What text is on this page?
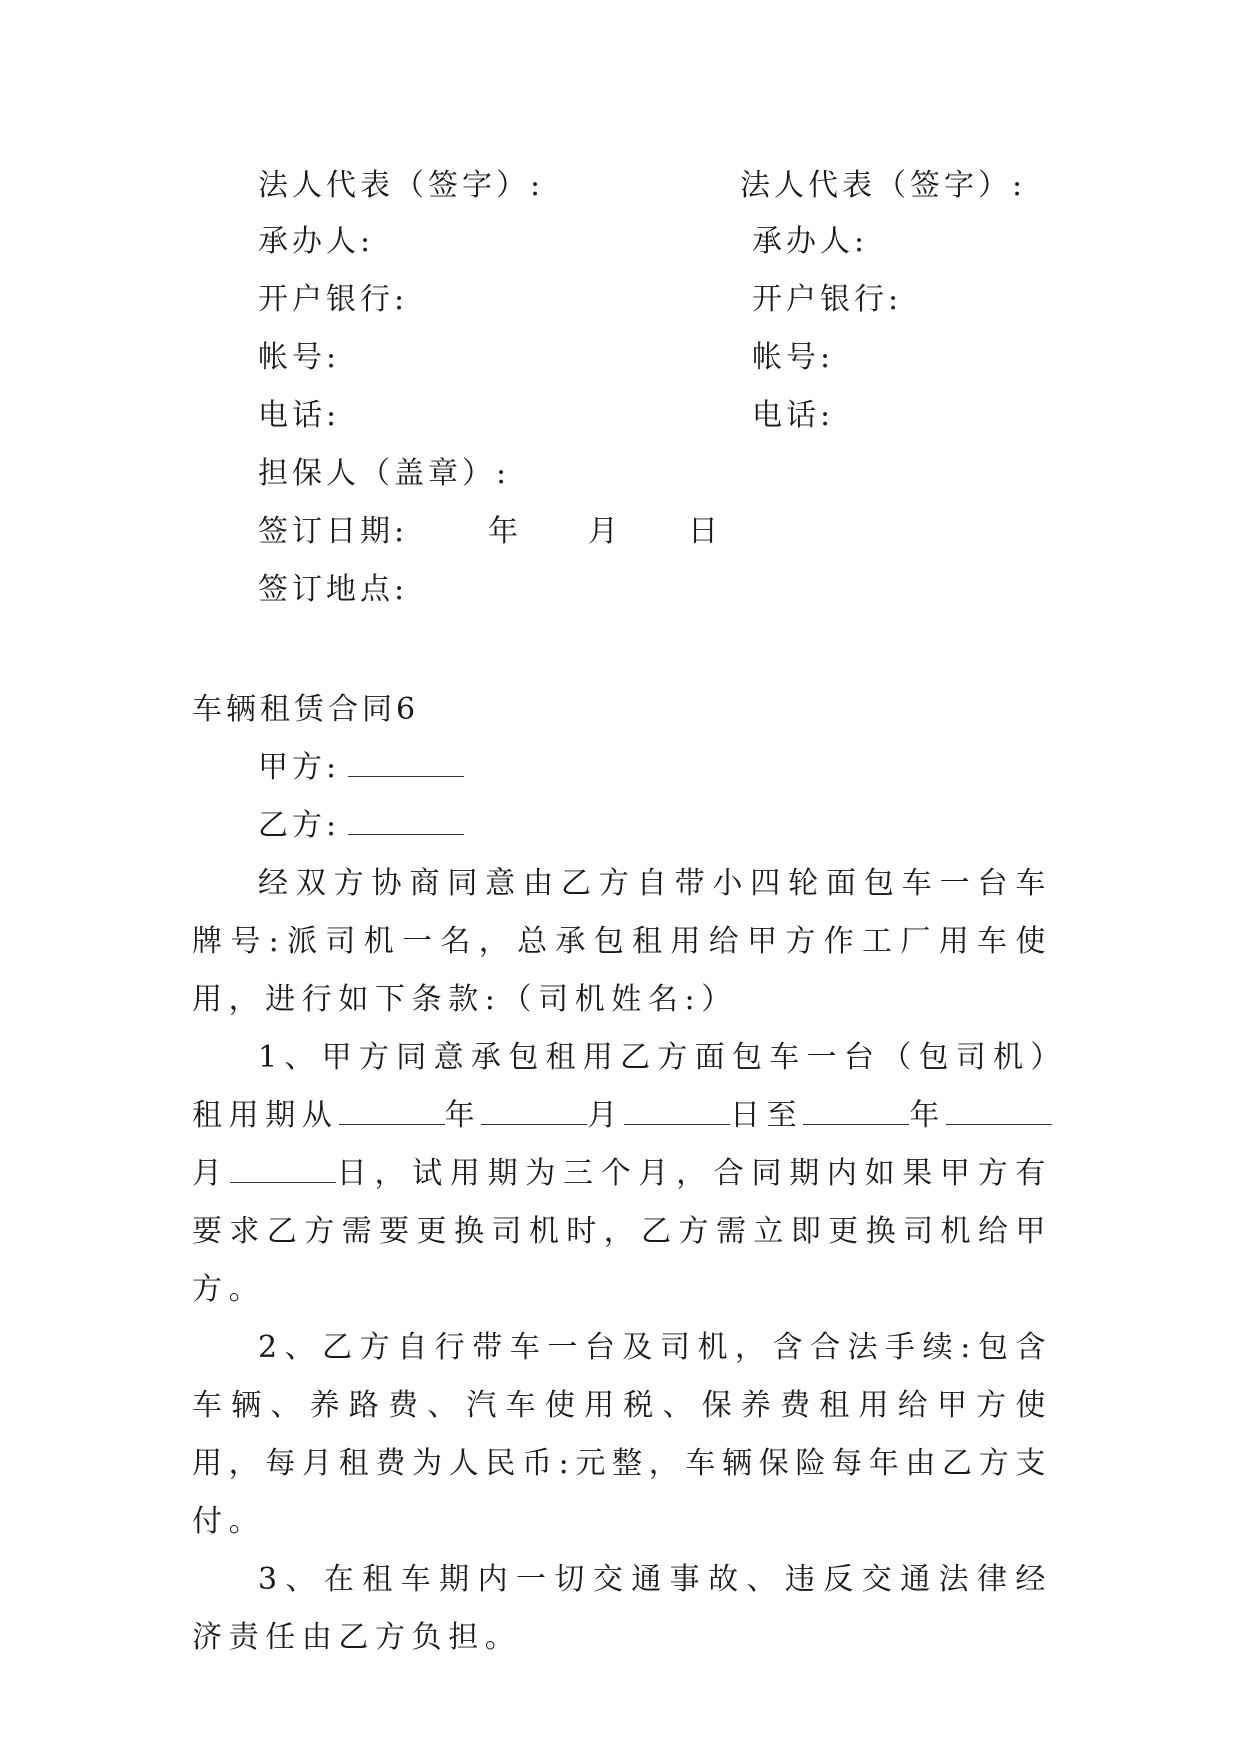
法人代表（签字）:	法人代表（签字）:
承办人:	承办人:
开户银行:	开户银行:
帐号:	帐号:
电话:	电话:
担保人（盖章）:
签订日期:	年 月 日
签订地点:
车辆租赁合同6
甲方:
乙方:

经双方协商同意由乙方自带小四轮面包车一台车牌号:派司机一名，总承包租用给甲方作工厂用车使用，进行如下条款:（司机姓名:）

1、甲方同意承包租用乙方面包车一台（包司机）租用期从	年	月	日至	年月	日，试用期为三个月，合同期内如果甲方有要求乙方需要更换司机时，乙方需立即更换司机给甲方。

2、乙方自行带车一台及司机，含合法手续:包含车辆、养路费、汽车使用税、保养费租用给甲方使用，每月租费为人民币:元整，车辆保险每年由乙方支付。

3、在租车期内一切交通事故、违反交通法律经济责任由乙方负担。
